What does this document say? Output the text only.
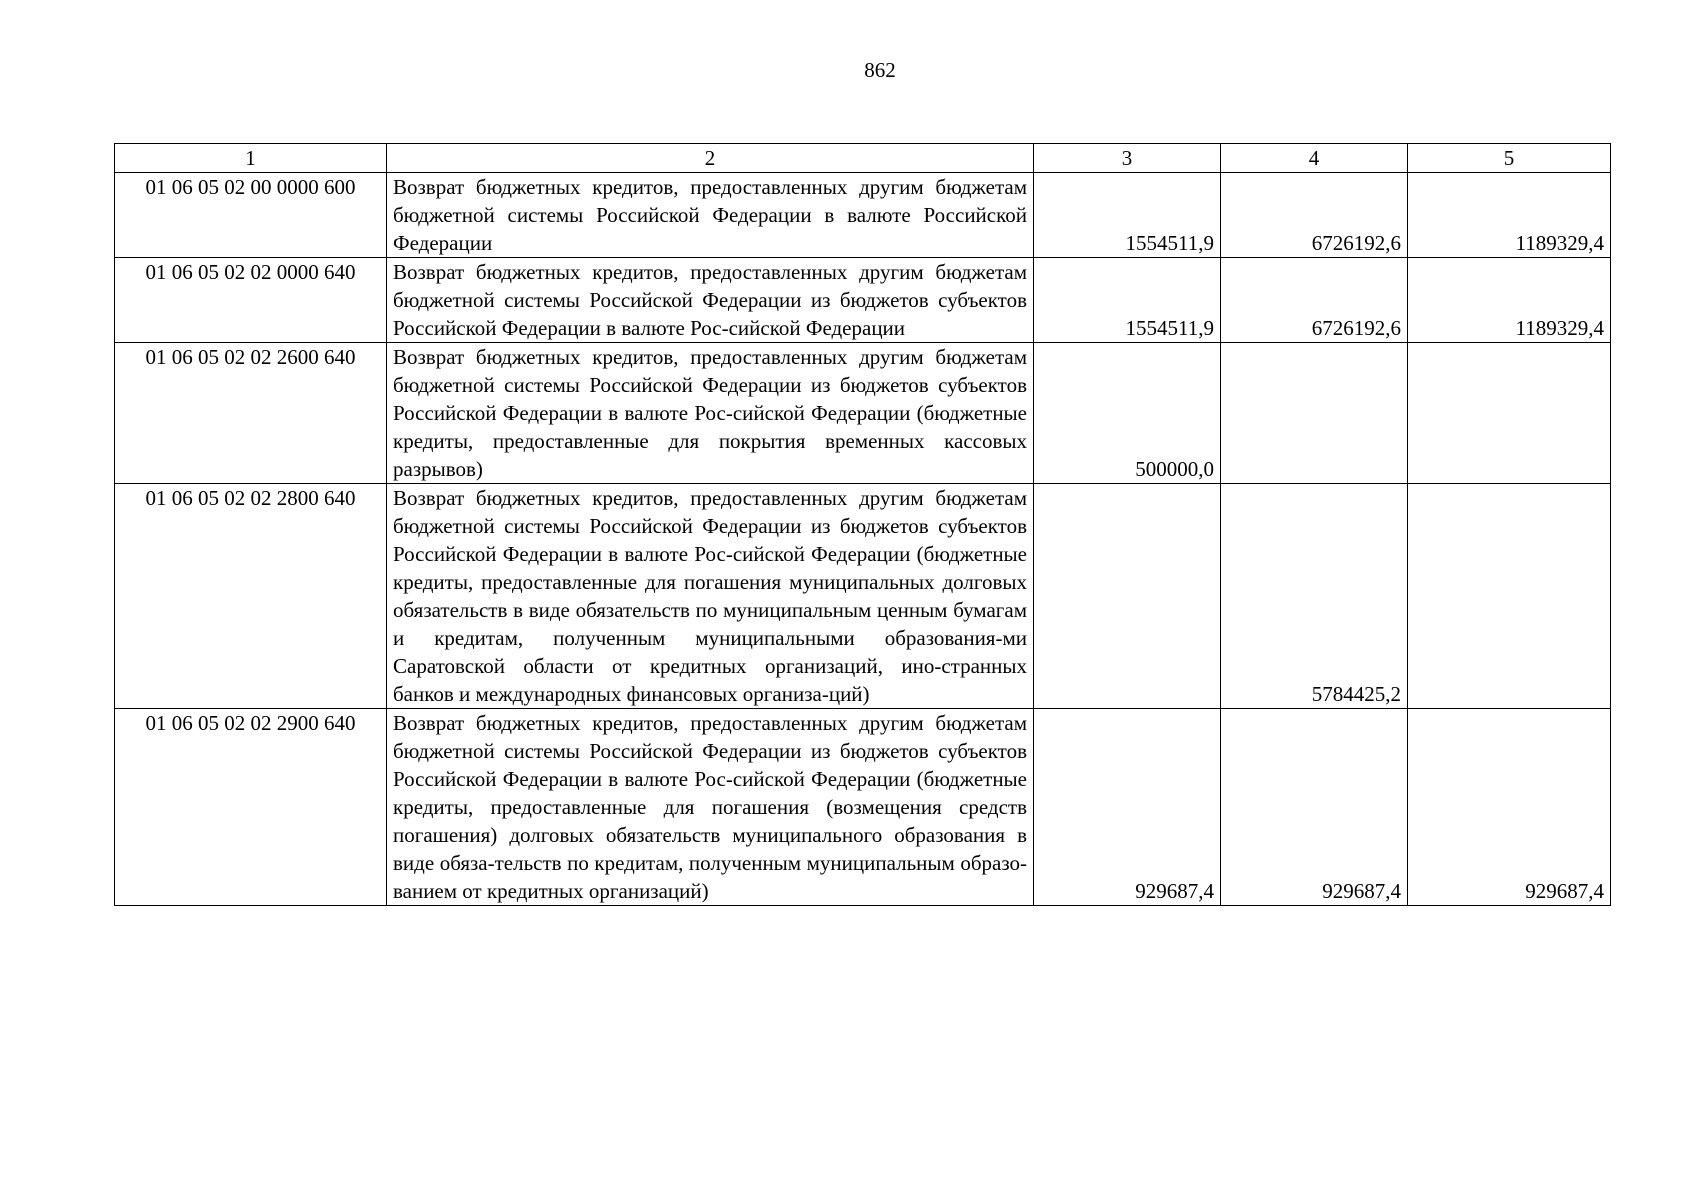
862
1	2	3	4	5
01 06 05 02 00 0000 600	Возврат бюджетных кредитов, предоставленных другим бюджетам бюджетной системы Российской Федерации в валюте Российской Федерации	1554511,9	6726192,6	1189329,4
01 06 05 02 02 0000 640	Возврат бюджетных кредитов, предоставленных другим бюджетам бюджетной системы Российской Федерации из бюджетов субъектов Российской Федерации в валюте Рос-сийской Федерации	1554511,9	6726192,6	1189329,4
01 06 05 02 02 2600 640	Возврат бюджетных кредитов, предоставленных другим бюджетам бюджетной системы Российской Федерации из бюджетов субъектов Российской Федерации в валюте Рос-сийской Федерации (бюджетные кредиты, предоставленные для покрытия временных кассовых разрывов)	500000,0		
01 06 05 02 02 2800 640	Возврат бюджетных кредитов, предоставленных другим бюджетам бюджетной системы Российской Федерации из бюджетов субъектов Российской Федерации в валюте Рос-сийской Федерации (бюджетные кредиты, предоставленные для погашения муниципальных долговых обязательств в виде обязательств по муниципальным ценным бумагам и кредитам, полученным муниципальными образования-ми Саратовской области от кредитных организаций, ино-странных банков и международных финансовых организа-ций)		5784425,2	
01 06 05 02 02 2900 640	Возврат бюджетных кредитов, предоставленных другим бюджетам бюджетной системы Российской Федерации из бюджетов субъектов Российской Федерации в валюте Рос-сийской Федерации (бюджетные кредиты, предоставленные для погашения (возмещения средств погашения) долговых обязательств муниципального образования в виде обяза-тельств по кредитам, полученным муниципальным образо-ванием от кредитных организаций)	929687,4	929687,4	929687,4
